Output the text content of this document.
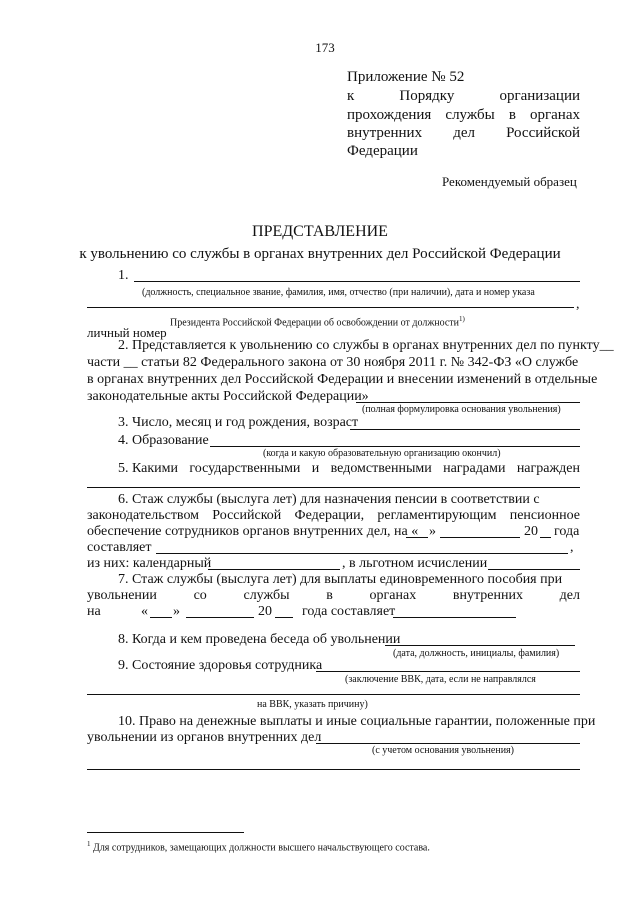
173
Приложение № 52
к	Порядку	организации
прохождения службы в органах
внутренних дел Российской
Федерации
Рекомендуемый образец
ПРЕДСТАВЛЕНИЕ
к увольнению со службы в органах внутренних дел Российской Федерации
1.
(должность, специальное звание, фамилия, имя, отчество (при наличии), дата и номер указа
,
Президента Российской Федерации об освобождении от должности$^{1)}$
личный номер
2. Представляется к увольнению со службы в органах внутренних дел по пункту__
части __ статьи 82 Федерального закона от 30 ноября 2011 г. № 342-ФЗ «О службе
в органах внутренних дел Российской Федерации и внесении изменений в отдельные
законодательные акты Российской Федерации»
(полная формулировка основания увольнения)
3. Число, месяц и год рождения, возраст
4. Образование
(когда и какую образовательную организацию окончил)
5. Какими государственными и ведомственными наградами награжден
6. Стаж службы (выслуга лет) для назначения пенсии в соответствии с
законодательством Российской Федерации, регламентирующим пенсионное
обеспечение сотрудников органов внутренних дел, на « »	20 года
составляет	,
из них: календарный	, в льготном исчислении
7. Стаж службы (выслуга лет) для выплаты единовременного пособия при
увольнении	со	службы	в	органах	внутренних	дел
на	« »	20 года составляет
8. Когда и кем проведена беседа об увольнении
(дата, должность, инициалы, фамилия)
9. Состояние здоровья сотрудника
(заключение ВВК, дата, если не направлялся
на ВВК, указать причину)
10. Право на денежные выплаты и иные социальные гарантии, положенные при
увольнении из органов внутренних дел
(с учетом основания увольнения)
$^1$ Для сотрудников, замещающих должности высшего начальствующего состава.
